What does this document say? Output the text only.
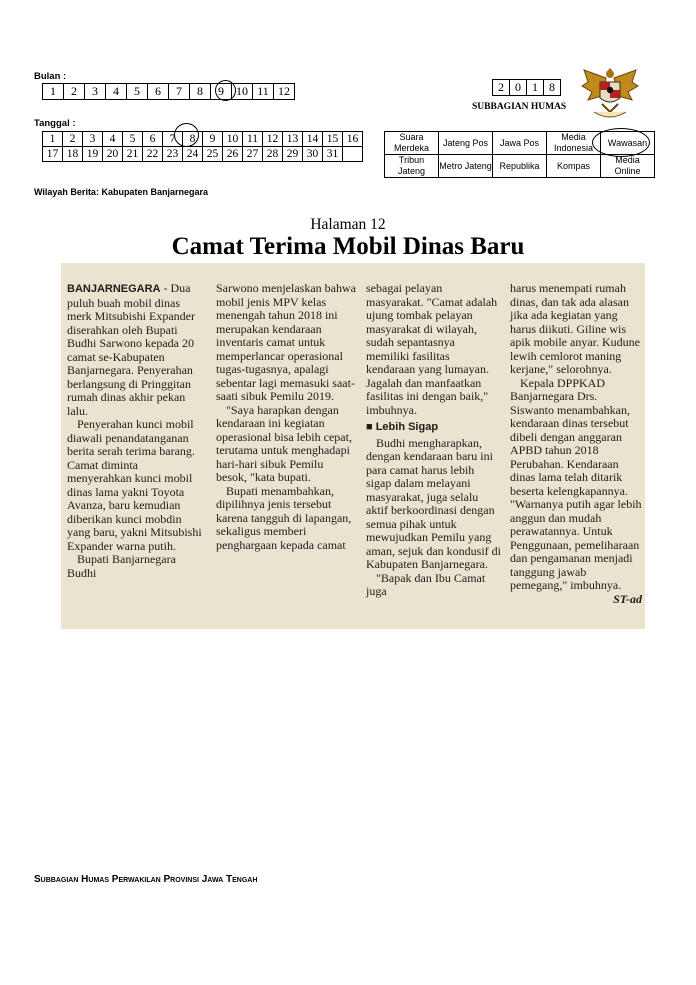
Bulan :
1	2	3	4	5	6	7	8	9	10	11	12
Tanggal :
1	2	3	4	5	6	7	8	9	10	11	12	13	14	15	16
17	18	19	20	21	22	23	24	25	26	27	28	29	30	31	
2	0	1	8
SUBBAGIAN HUMAS
Suara Merdeka	Jateng Pos	Jawa Pos	Media Indonesia	Wawasan
Tribun Jateng	Metro Jateng	Republika	Kompas	Media Online
Wilayah Berita: Kabupaten Banjarnegara
Halaman 12
Camat Terima Mobil Dinas Baru

BANJARNEGARA - Dua puluh buah mobil dinas merk Mitsubishi Expander diserahkan oleh Bupati Budhi Sarwono kepada 20 camat se-Kabupaten Banjarnegara. Penyerahan berlangsung di Pringgitan rumah dinas akhir pekan lalu.

Penyerahan kunci mobil diawali penandatanganan berita serah terima barang. Camat diminta menyerahkan kunci mobil dinas lama yakni Toyota Avanza, baru kemudian diberikan kunci mobdin yang baru, yakni Mitsubishi Expander warna putih.

Bupati Banjarnegara Budhi

Sarwono menjelaskan bahwa mobil jenis MPV kelas menengah tahun 2018 ini merupakan kendaraan inventaris camat untuk memperlancar operasional tugas-tugasnya, apalagi sebentar lagi memasuki saat-saati sibuk Pemilu 2019.

"Saya harapkan dengan kendaraan ini kegiatan operasional bisa lebih cepat, terutama untuk menghadapi hari-hari sibuk Pemilu besok, "kata bupati.

Bupati menambahkan, dipilihnya jenis tersebut karena tangguh di lapangan, sekaligus memberi penghargaan kepada camat

sebagai pelayan masyarakat. "Camat adalah ujung tombak pelayan masyarakat di wilayah, sudah sepantasnya memiliki fasilitas kendaraan yang lumayan. Jagalah dan manfaatkan fasilitas ini dengan baik," imbuhnya.

■ Lebih Sigap

Budhi mengharapkan, dengan kendaraan baru ini para camat harus lebih sigap dalam melayani masyarakat, juga selalu aktif berkoordinasi dengan semua pihak untuk mewujudkan Pemilu yang aman, sejuk dan kondusif di Kabupaten Banjarnegara.

"Bapak dan Ibu Camat juga

harus menempati rumah dinas, dan tak ada alasan jika ada kegiatan yang harus diikuti. Giline wis apik mobile anyar. Kudune lewih cemlorot maning kerjane," selorohnya.

Kepala DPPKAD Banjarnegara Drs. Siswanto menambahkan, kendaraan dinas tersebut dibeli dengan anggaran APBD tahun 2018 Perubahan. Kendaraan dinas lama telah ditarik beserta kelengkapannya. "Warnanya putih agar lebih anggun dan mudah perawatannya. Untuk Penggunaan, pemeliharaan dan pengamanan menjadi tanggung jawab pemegang," imbuhnya.

ST-ad

Subbagian Humas Perwakilan Provinsi Jawa Tengah
